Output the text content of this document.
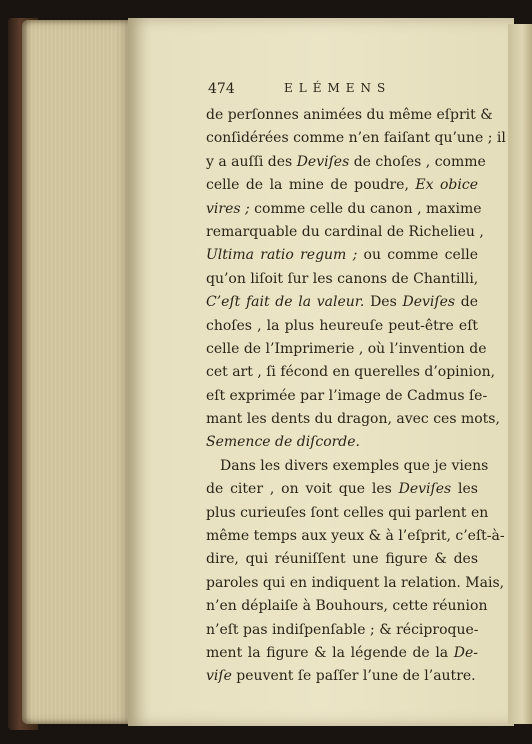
474	ELÉMENS
de perſonnes animées du même eſprit &
conſidérées comme n’en faiſant qu’une ; il
y a auſſi des Deviſes de choſes , comme
celle de la mine de poudre, Ex obice
vires ; comme celle du canon , maxime
remarquable du cardinal de Richelieu ,
Ultima ratio regum ; ou comme celle
qu’on liſoit ſur les canons de Chantilli,
C’eſt fait de la valeur. Des Deviſes de
choſes , la plus heureuſe peut-être eſt
celle de l’Imprimerie , où l’invention de
cet art , ſi fécond en querelles d’opinion,
eſt exprimée par l’image de Cadmus ſe-
mant les dents du dragon, avec ces mots,
Semence de diſcorde.
Dans les divers exemples que je viens
de citer , on voit que les Deviſes les
plus curieuſes ſont celles qui parlent en
même temps aux yeux & à l’eſprit, c’eſt-à-
dire, qui réuniſſent une figure & des
paroles qui en indiquent la relation. Mais,
n’en déplaiſe à Bouhours, cette réunion
n’eſt pas indiſpenſable ; & réciproque-
ment la figure & la légende de la De-
viſe peuvent ſe paſſer l’une de l’autre.
